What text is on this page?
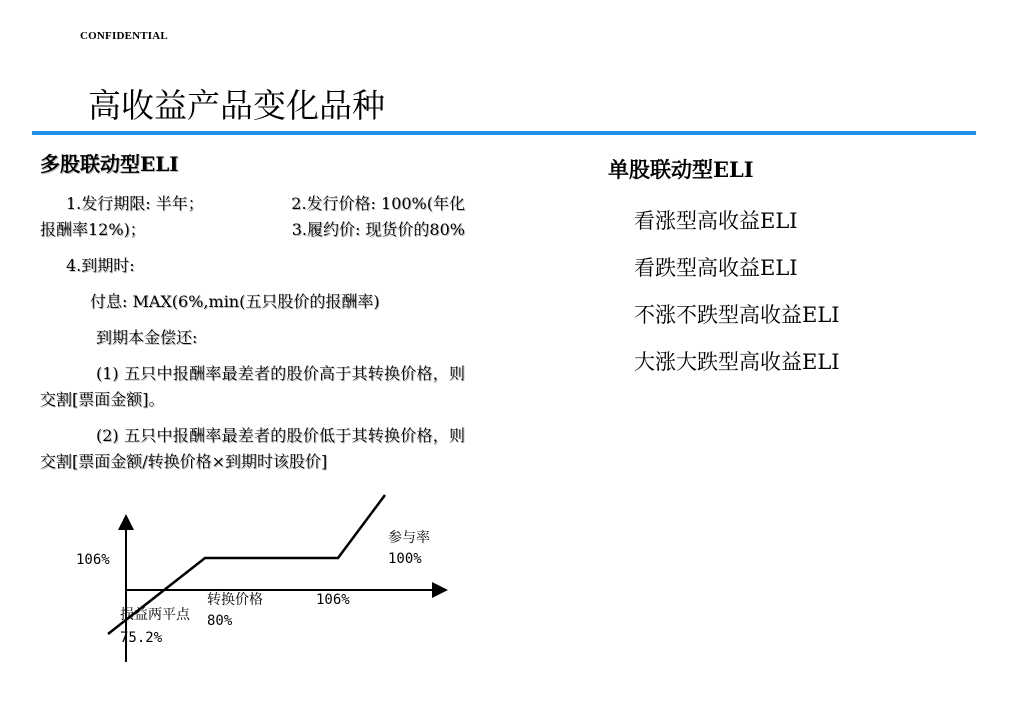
CONFIDENTIAL
高收益产品变化品种
多股联动型ELI
1.发行期限: 半年；	2.发行价格: 100%(年化
报酬率12%)；	3.履约价: 现货价的80%
4.到期时:
付息: MAX(6%,min(五只股价的报酬率)
到期本金偿还:
(1) 五只中报酬率最差者的股价高于其转换价格，则交割[票面金额]。
(2) 五只中报酬率最差者的股价低于其转换价格，则交割[票面金额/转换价格×到期时该股价]
单股联动型ELI
看涨型高收益ELI
看跌型高收益ELI
不涨不跌型高收益ELI
大涨大跌型高收益ELI
106%
参与率
100%
转换价格	106%
损益两平点 80%
75.2%
